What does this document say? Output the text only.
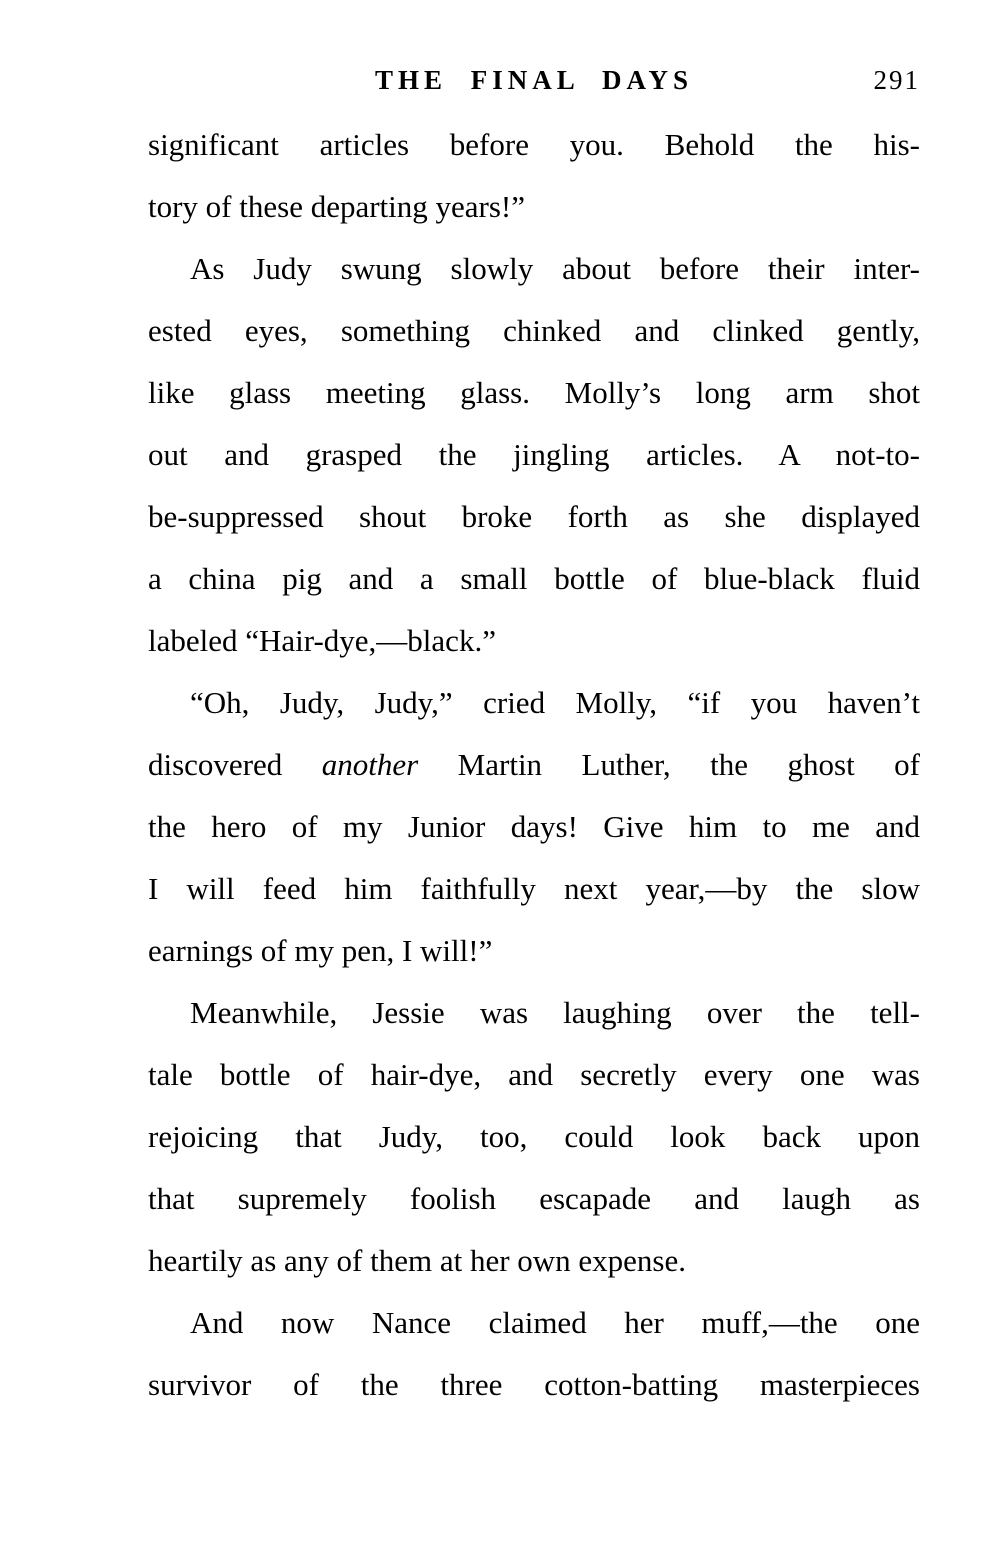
THE FINAL DAYS	291
significant articles before you. Behold the his-
tory of these departing years!”
As Judy swung slowly about before their inter-
ested eyes, something chinked and clinked gently,
like glass meeting glass. Molly’s long arm shot
out and grasped the jingling articles. A not-to-
be-suppressed shout broke forth as she displayed
a china pig and a small bottle of blue-black fluid
labeled “Hair-dye,—black.”
“Oh, Judy, Judy,” cried Molly, “if you haven’t
discovered another Martin Luther, the ghost of
the hero of my Junior days! Give him to me and
I will feed him faithfully next year,—by the slow
earnings of my pen, I will!”
Meanwhile, Jessie was laughing over the tell-
tale bottle of hair-dye, and secretly every one was
rejoicing that Judy, too, could look back upon
that supremely foolish escapade and laugh as
heartily as any of them at her own expense.
And now Nance claimed her muff,—the one
survivor of the three cotton-batting masterpieces
